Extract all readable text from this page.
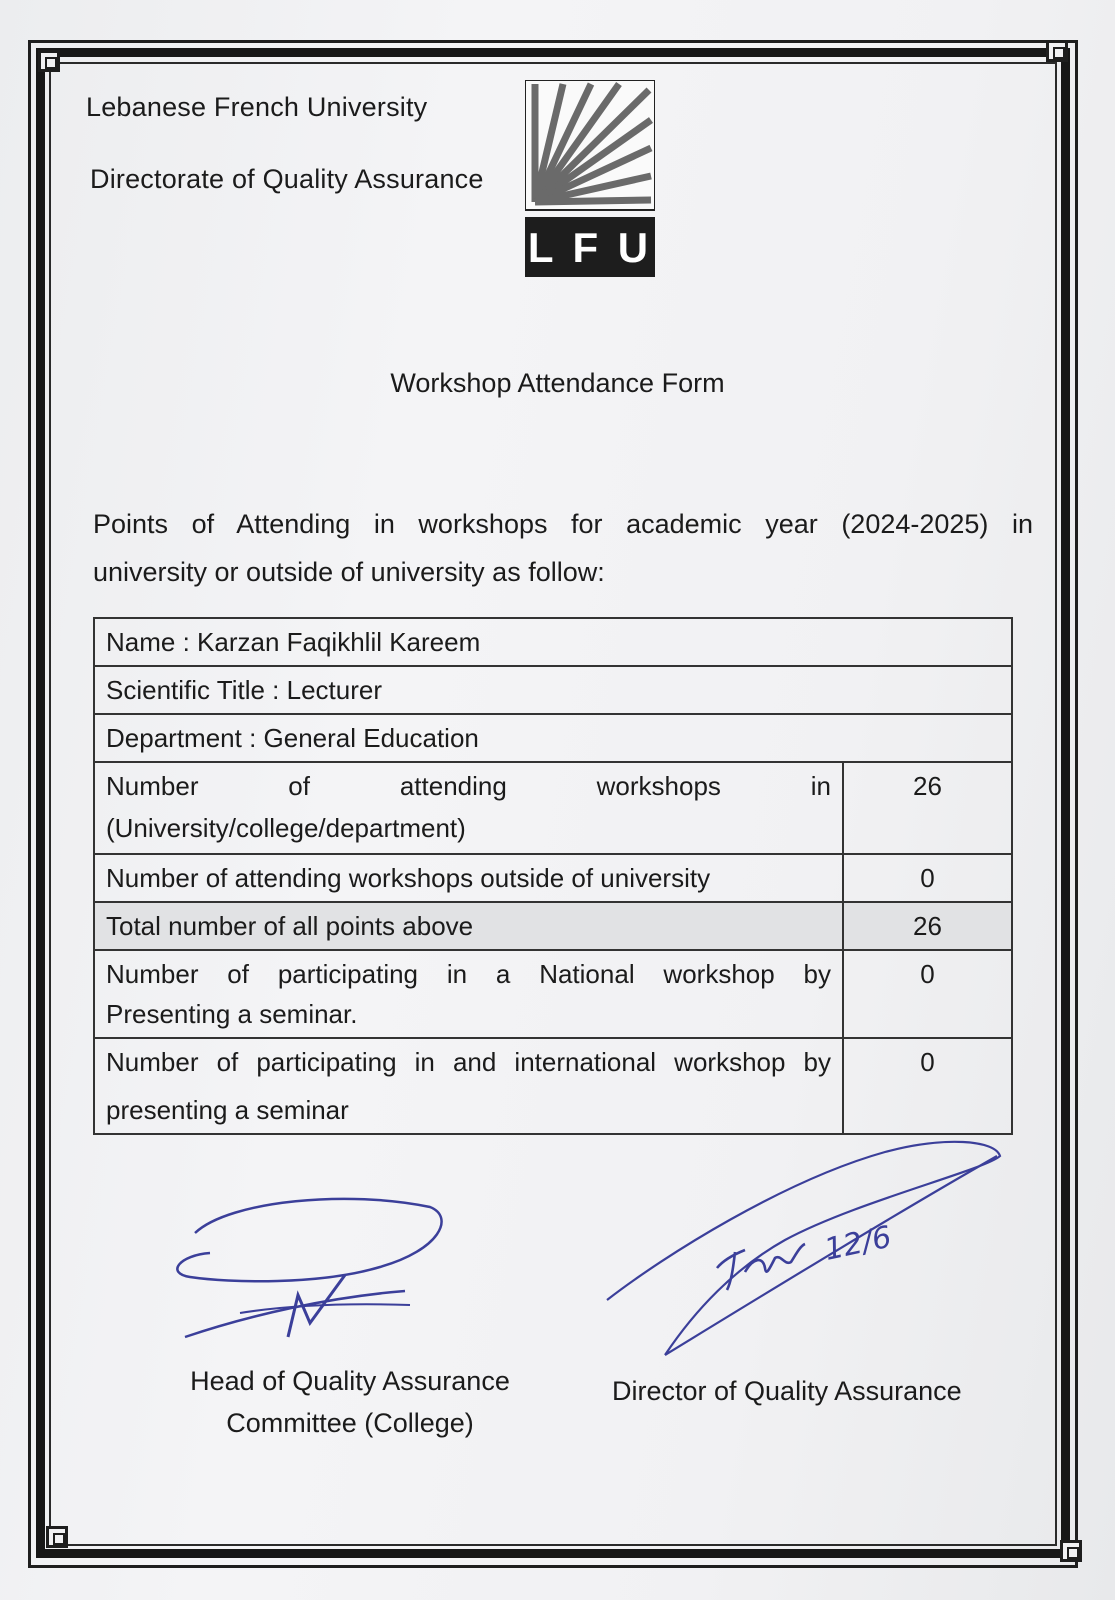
Lebanese French University
Directorate of Quality Assurance
L F U
Workshop Attendance Form
Points of Attending in workshops for academic year (2024-2025) in
university or outside of university as follow:
Name : Karzan Faqikhlil Kareem	
Scientific Title : Lecturer	
Department : General Education	

Number of attending workshops in
(University/college/department)	26
Number of attending workshops outside of university	0
Total number of all points above	26

Number of participating in a National workshop by
Presenting a seminar.	0

Number of participating in and international workshop by
presenting a seminar	0
12/6
Head of Quality Assurance
Committee (College)
Director of Quality Assurance
